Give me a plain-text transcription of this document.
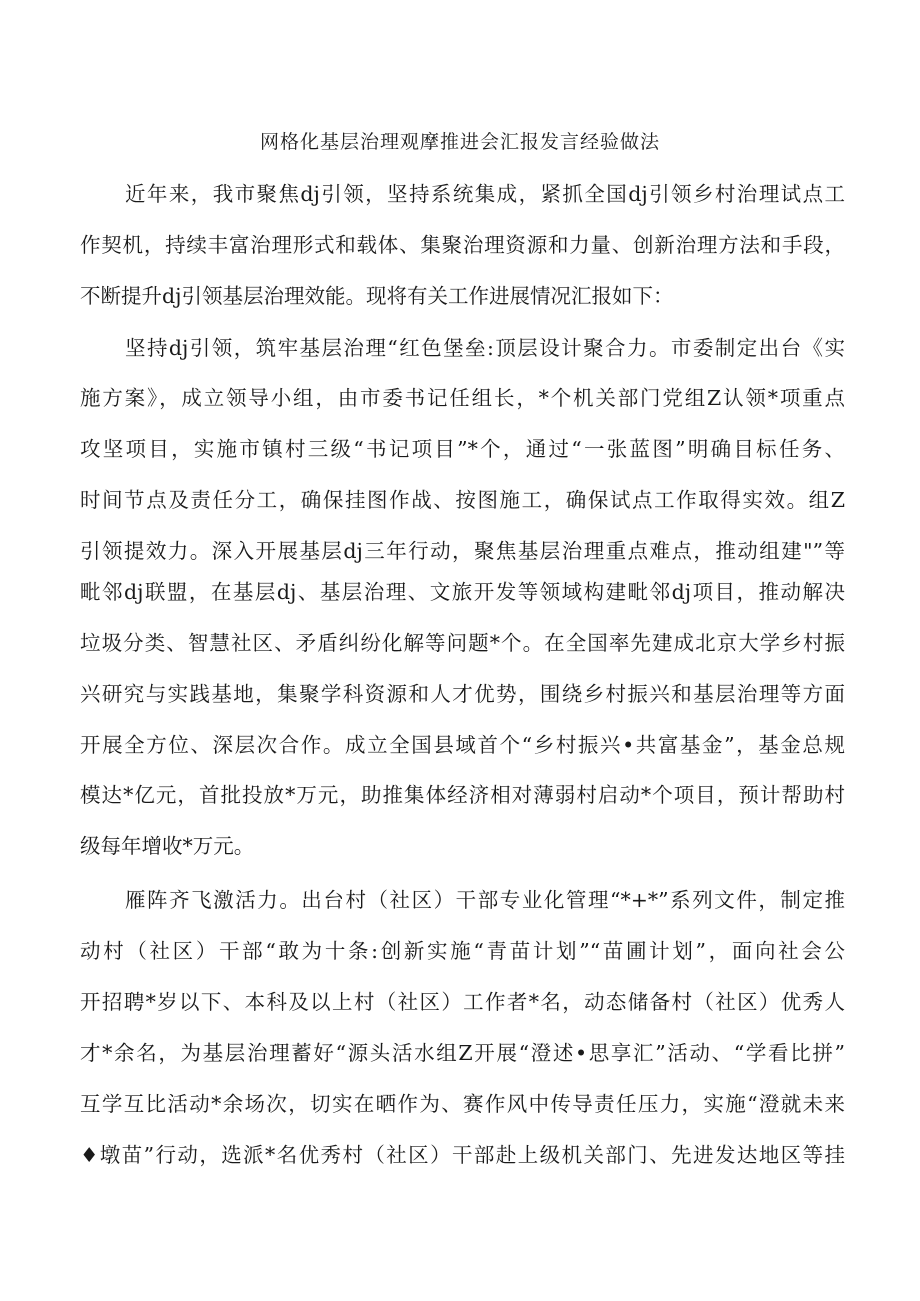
网格化基层治理观摩推进会汇报发言经验做法
近年来，我市聚焦dj引领，坚持系统集成，紧抓全国dj引领乡村治理试点工
作契机，持续丰富治理形式和载体、集聚治理资源和力量、创新治理方法和手段，
不断提升dj引领基层治理效能。现将有关工作进展情况汇报如下：
坚持dj引领，筑牢基层治理“红色堡垒:顶层设计聚合力。市委制定出台《实
施方案》，成立领导小组，由市委书记任组长，*个机关部门党组Z认领*项重点
攻坚项目，实施市镇村三级“书记项目”*个，通过“一张蓝图”明确目标任务、
时间节点及责任分工，确保挂图作战、按图施工，确保试点工作取得实效。组Z
引领提效力。深入开展基层dj三年行动，聚焦基层治理重点难点，推动组建"”等
毗邻dj联盟，在基层dj、基层治理、文旅开发等领域构建毗邻dj项目，推动解决
垃圾分类、智慧社区、矛盾纠纷化解等问题*个。在全国率先建成北京大学乡村振
兴研究与实践基地，集聚学科资源和人才优势，围绕乡村振兴和基层治理等方面
开展全方位、深层次合作。成立全国县域首个“乡村振兴•共富基金”，基金总规
模达*亿元，首批投放*万元，助推集体经济相对薄弱村启动*个项目，预计帮助村
级每年增收*万元。
雁阵齐飞激活力。出台村（社区）干部专业化管理“*+*”系列文件，制定推
动村（社区）干部“敢为十条:创新实施“青苗计划”“苗圃计划”，面向社会公
开招聘*岁以下、本科及以上村（社区）工作者*名，动态储备村（社区）优秀人
才*余名，为基层治理蓄好“源头活水组Z开展“澄述•思享汇”活动、“学看比拼”
互学互比活动*余场次，切实在晒作为、赛作风中传导责任压力，实施“澄就未来
♦墩苗”行动，选派*名优秀村（社区）干部赴上级机关部门、先进发达地区等挂
